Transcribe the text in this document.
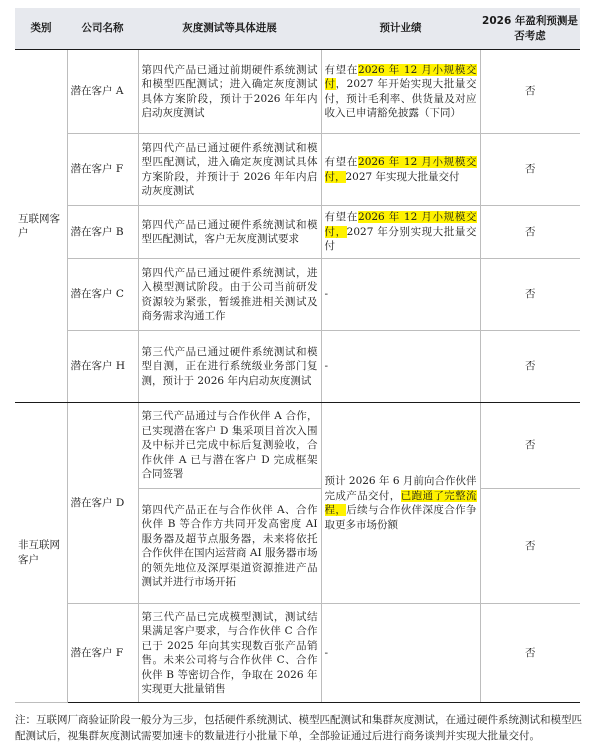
类别	公司名称	灰度测试等具体进展	预计业绩	2026 年盈利预测是否考虑
互联网客户	潜在客户 A	第四代产品已通过前期硬件系统测试和模型匹配测试；进入确定灰度测试具体方案阶段，预计于2026 年年内启动灰度测试	有望在2026 年 12 月小规模交付，2027 年开始实现大批量交付，预计毛利率、供货量及对应收入已申请豁免披露（下同）	否
	潜在客户 F	第四代产品已通过硬件系统测试和模型匹配测试，进入确定灰度测试具体方案阶段，并预计于 2026 年年内启动灰度测试	有望在2026 年 12 月小规模交付，2027 年实现大批量交付	否
	潜在客户 B	第四代产品已通过硬件系统测试和模型匹配测试，客户无灰度测试要求	有望在2026 年 12 月小规模交付，2027 年分别实现大批量交付	否
	潜在客户 C	第四代产品已通过硬件系统测试，进入模型测试阶段。由于公司当前研发资源较为紧张，暂缓推进相关测试及商务需求沟通工作	-	否
	潜在客户 H	第三代产品已通过硬件系统测试和模型自测，正在进行系统级业务部门复测，预计于 2026 年内启动灰度测试	-	否
非互联网客户	潜在客户 D	第三代产品通过与合作伙伴 A 合作，已实现潜在客户 D 集采项目首次入围及中标并已完成中标后复测验收，合作伙伴 A 已与潜在客户 D 完成框架合同签署	预计 2026 年 6 月前向合作伙伴完成产品交付，已跑通了完整流程，后续与合作伙伴深度合作争取更多市场份额	否
		第四代产品正在与合作伙伴 A、合作伙伴 B 等合作方共同开发高密度 AI 服务器及超节点服务器，未来将依托合作伙伴在国内运营商 AI 服务器市场的领先地位及深厚渠道资源推进产品测试并进行市场开拓		否
	潜在客户 F	第三代产品已完成模型测试，测试结果满足客户要求，与合作伙伴 C 合作已于 2025 年向其实现数百张产品销售。未来公司将与合作伙伴 C、合作伙伴 B 等密切合作，争取在 2026 年实现更大批量销售	-	否
注：互联网厂商验证阶段一般分为三步，包括硬件系统测试、模型匹配测试和集群灰度测试，在通过硬件系统测试和模型匹配测试后，视集群灰度测试需要加速卡的数量进行小批量下单，全部验证通过后进行商务谈判并实现大批量交付。
